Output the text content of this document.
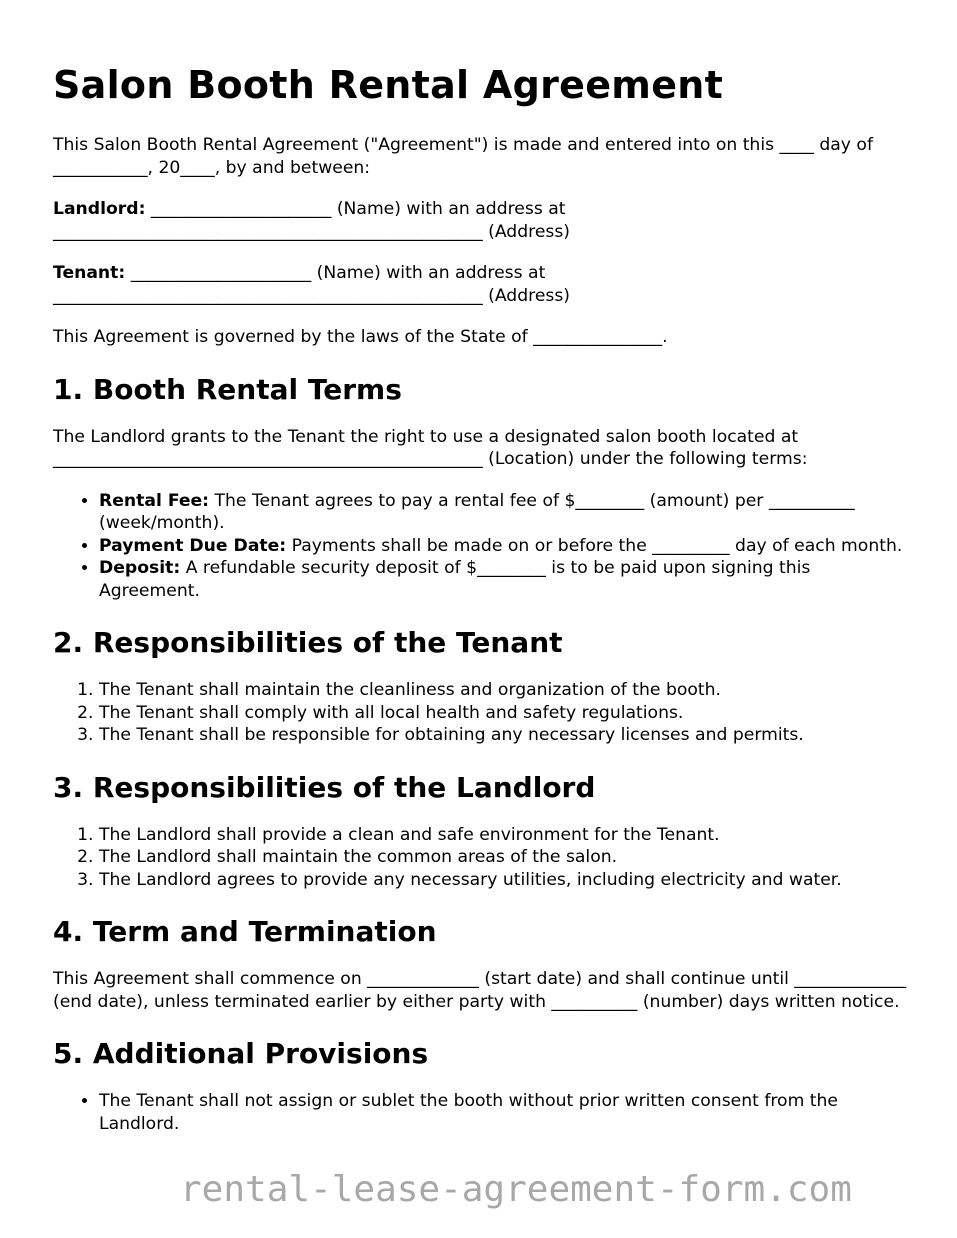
Salon Booth Rental Agreement

This Salon Booth Rental Agreement ("Agreement") is made and entered into on this ____ day of ___________, 20____, by and between:

Landlord: _____________________ (Name) with an address at __________________________________________________ (Address)

Tenant: _____________________ (Name) with an address at __________________________________________________ (Address)

This Agreement is governed by the laws of the State of _______________.

1. Booth Rental Terms

The Landlord grants to the Tenant the right to use a designated salon booth located at __________________________________________________ (Location) under the following terms:

• Rental Fee: The Tenant agrees to pay a rental fee of $________ (amount) per __________ (week/month).
• Payment Due Date: Payments shall be made on or before the _________ day of each month.
• Deposit: A refundable security deposit of $________ is to be paid upon signing this Agreement.
2. Responsibilities of the Tenant
1. The Tenant shall maintain the cleanliness and organization of the booth.
2. The Tenant shall comply with all local health and safety regulations.
3. The Tenant shall be responsible for obtaining any necessary licenses and permits.
3. Responsibilities of the Landlord
1. The Landlord shall provide a clean and safe environment for the Tenant.
2. The Landlord shall maintain the common areas of the salon.
3. The Landlord agrees to provide any necessary utilities, including electricity and water.
4. Term and Termination

This Agreement shall commence on _____________ (start date) and shall continue until _____________ (end date), unless terminated earlier by either party with __________ (number) days written notice.

5. Additional Provisions
• The Tenant shall not assign or sublet the booth without prior written consent from the Landlord.
rental-lease-agreement-form.com
